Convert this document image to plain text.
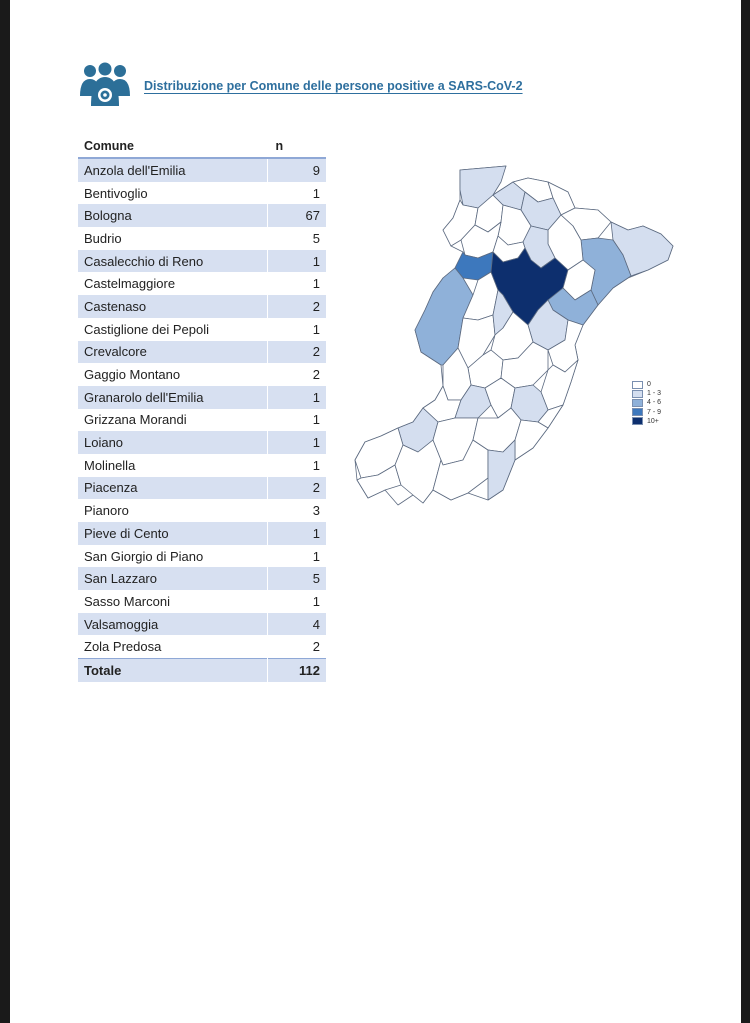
Distribuzione per Comune delle persone positive a SARS-CoV-2
Comune	n
Anzola dell'Emilia	9
Bentivoglio	1
Bologna	67
Budrio	5
Casalecchio di Reno	1
Castelmaggiore	1
Castenaso	2
Castiglione dei Pepoli	1
Crevalcore	2
Gaggio Montano	2
Granarolo dell'Emilia	1
Grizzana Morandi	1
Loiano	1
Molinella	1
Piacenza	2
Pianoro	3
Pieve di Cento	1
San Giorgio di Piano	1
San Lazzaro	5
Sasso Marconi	1
Valsamoggia	4
Zola Predosa	2
Totale	112
0
1 - 3
4 - 6
7 - 9
10+
